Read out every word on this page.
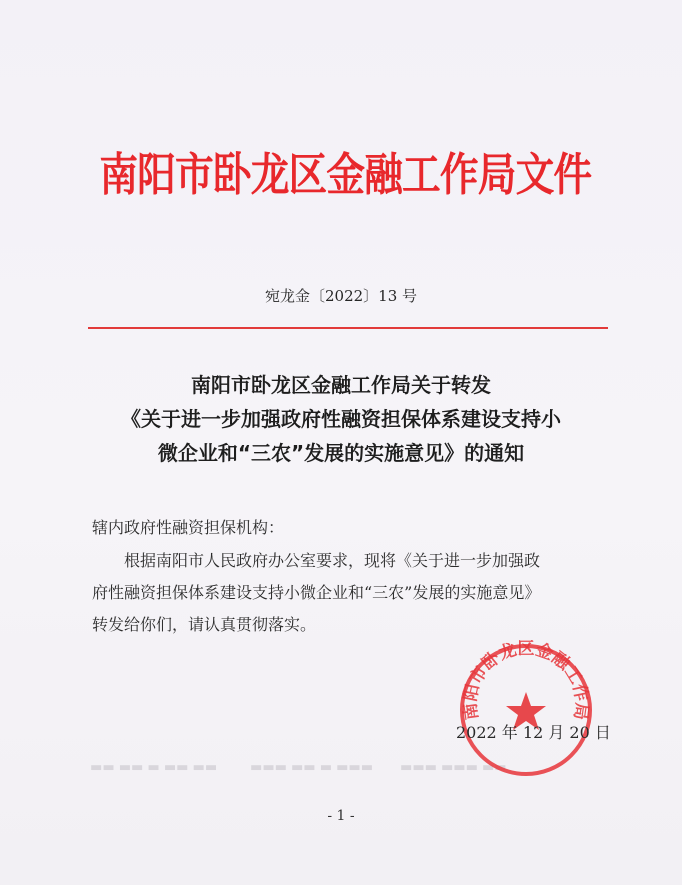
南阳市卧龙区金融工作局文件
宛龙金〔2022〕13 号
南阳市卧龙区金融工作局关于转发
《关于进一步加强政府性融资担保体系建设支持小
微企业和“三农”发展的实施意见》的通知
辖内政府性融资担保机构：
根据南阳市人民政府办公室要求，现将《关于进一步加强政
府性融资担保体系建设支持小微企业和“三农”发展的实施意见》
转发给你们，请认真贯彻落实。
▬▬ ▬▬ ▬ ▬▬ ▬▬	▬▬▬ ▬ ▬▬ ▬▬▬ ▬▬ ▬▬▬ ▬▬▬
南阳市卧龙区金融工作局
2022 年 12 月 20 日
- 1 -
